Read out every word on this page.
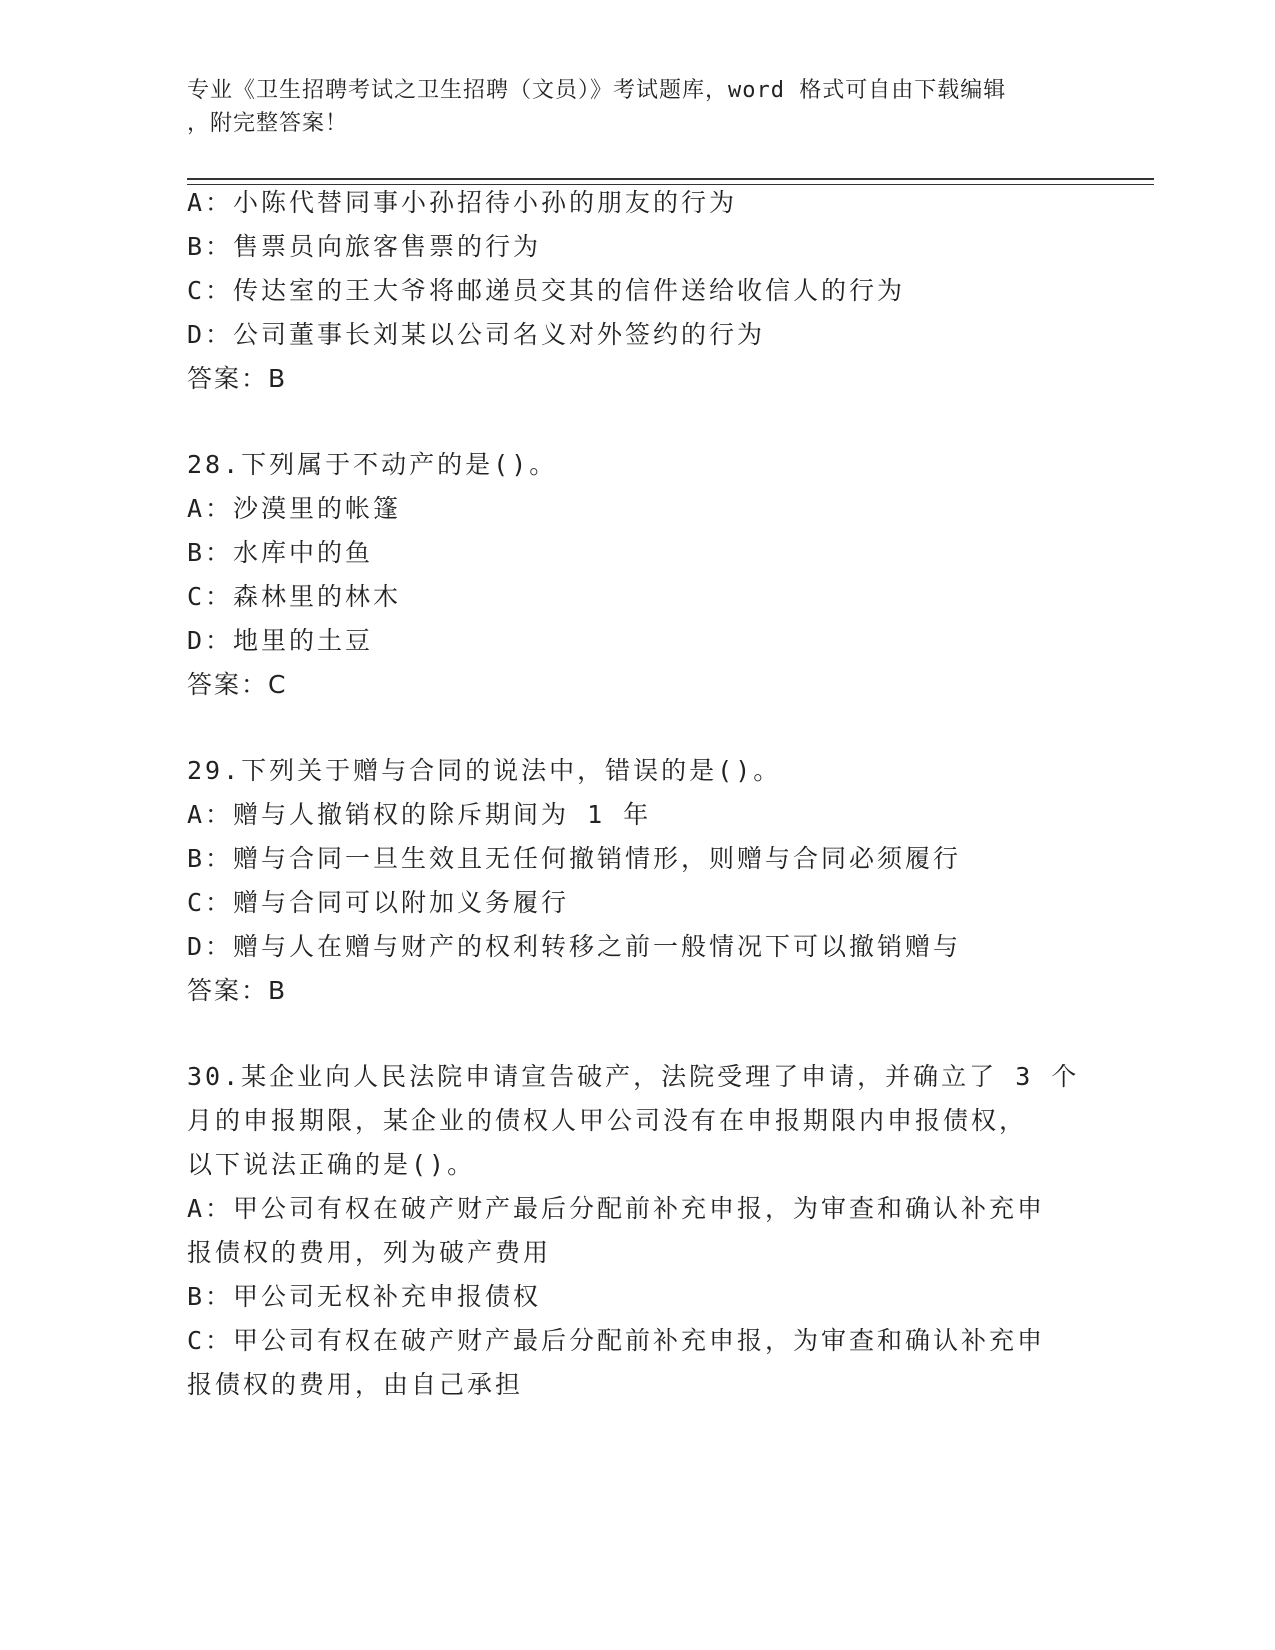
专业《卫生招聘考试之卫生招聘（文员）》考试题库，word 格式可自由下载编辑
，附完整答案！
A：小陈代替同事小孙招待小孙的朋友的行为
B：售票员向旅客售票的行为
C：传达室的王大爷将邮递员交其的信件送给收信人的行为
D：公司董事长刘某以公司名义对外签约的行为
答案：B
28.下列属于不动产的是()。
A：沙漠里的帐篷
B：水库中的鱼
C：森林里的林木
D：地里的土豆
答案：C
29.下列关于赠与合同的说法中，错误的是()。
A：赠与人撤销权的除斥期间为 1 年
B：赠与合同一旦生效且无任何撤销情形，则赠与合同必须履行
C：赠与合同可以附加义务履行
D：赠与人在赠与财产的权利转移之前一般情况下可以撤销赠与
答案：B
30.某企业向人民法院申请宣告破产，法院受理了申请，并确立了 3 个
月的申报期限，某企业的债权人甲公司没有在申报期限内申报债权，
以下说法正确的是()。
A：甲公司有权在破产财产最后分配前补充申报，为审查和确认补充申
报债权的费用，列为破产费用
B：甲公司无权补充申报债权
C：甲公司有权在破产财产最后分配前补充申报，为审查和确认补充申
报债权的费用，由自己承担
